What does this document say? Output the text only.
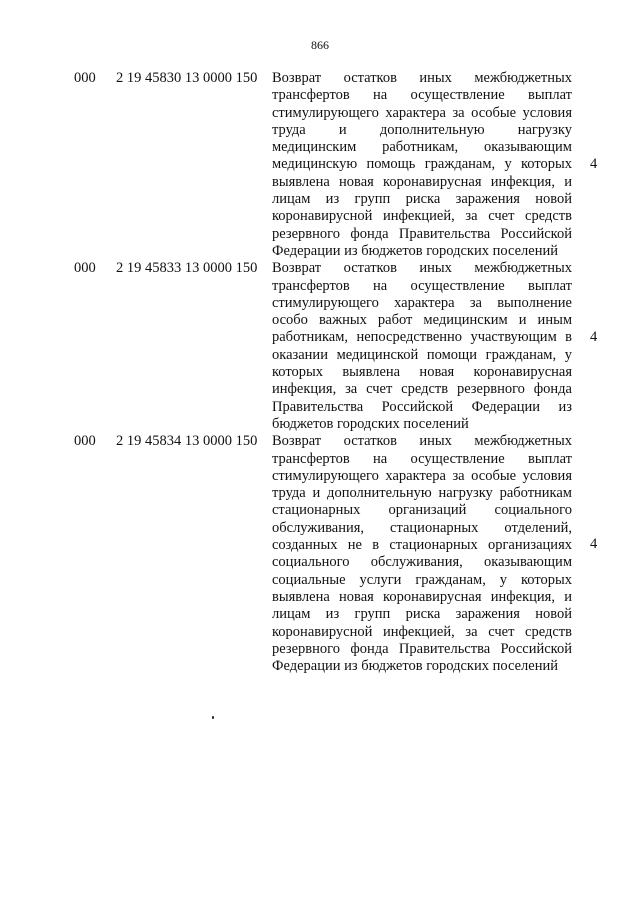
866
000 2 19 45830 13 0000 150 Возврат остатков иных межбюджетных
трансфертов на осуществление выплат
стимулирующего характера за особые условия
труда и дополнительную нагрузку
медицинским работникам, оказывающим
медицинскую помощь гражданам, у которых
выявлена новая коронавирусная инфекция, и
лицам из групп риска заражения новой
коронавирусной инфекцией, за счет средств
резервного фонда Правительства Российской
Федерации из бюджетов городских поселений
4
000 2 19 45833 13 0000 150 Возврат остатков иных межбюджетных
трансфертов на осуществление выплат
стимулирующего характера за выполнение
особо важных работ медицинским и иным
работникам, непосредственно участвующим в
оказании медицинской помощи гражданам, у
которых выявлена новая коронавирусная
инфекция, за счет средств резервного фонда
Правительства Российской Федерации из
бюджетов городских поселений
4
000 2 19 45834 13 0000 150 Возврат остатков иных межбюджетных
трансфертов на осуществление выплат
стимулирующего характера за особые условия
труда и дополнительную нагрузку работникам
стационарных организаций социального
обслуживания, стационарных отделений,
созданных не в стационарных организациях
социального обслуживания, оказывающим
социальные услуги гражданам, у которых
выявлена новая коронавирусная инфекция, и
лицам из групп риска заражения новой
коронавирусной инфекцией, за счет средств
резервного фонда Правительства Российской
Федерации из бюджетов городских поселений
4
